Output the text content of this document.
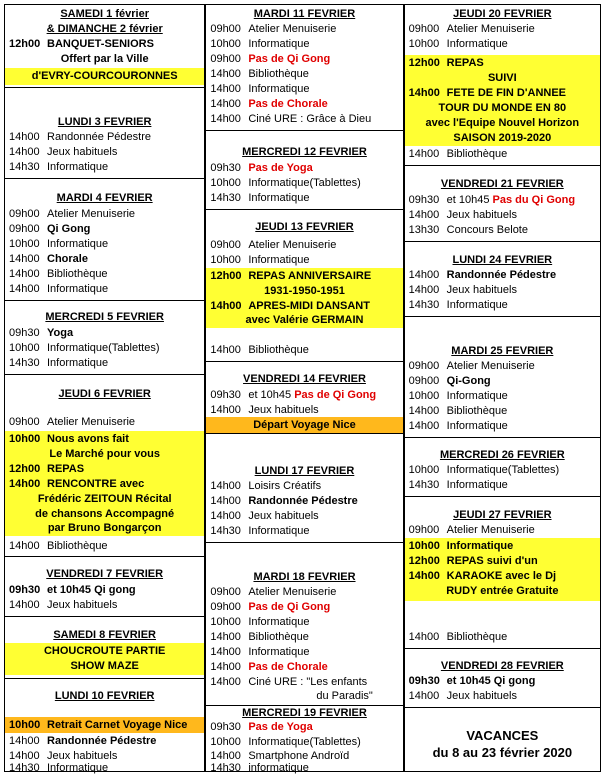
SAMEDI 1 février
& DIMANCHE 2 février
12h00 BANQUET-SENIORS
Offert par la Ville
d'EVRY-COURCOURONNES
LUNDI 3 FEVRIER
14h00 Randonnée Pédestre
14h00 Jeux habituels
14h30 Informatique
MARDI 4 FEVRIER
09h00 Atelier Menuiserie
09h00 Qi Gong
10h00 Informatique
14h00 Chorale
14h00 Bibliothèque
14h00 Informatique
MERCREDI 5 FEVRIER
09h30 Yoga
10h00 Informatique(Tablettes)
14h30 Informatique
JEUDI 6 FEVRIER
09h00 Atelier Menuiserie
10h00 Nous avons fait
Le Marché pour vous
12h00 REPAS
14h00 RENCONTRE avec
Frédéric ZEITOUN Récital
de chansons Accompagné
par Bruno Bongarçon
14h00 Bibliothèque
VENDREDI 7 FEVRIER
09h30 et 10h45 Qi gong
14h00 Jeux habituels
SAMEDI 8 FEVRIER
CHOUCROUTE PARTIE
SHOW MAZE
LUNDI 10 FEVRIER
10h00 Retrait Carnet Voyage Nice
14h00 Randonnée Pédestre
14h00 Jeux habituels
14h30 Informatique
MARDI 11 FEVRIER
09h00 Atelier Menuiserie
10h00 Informatique
09h00 Pas de Qi Gong
14h00 Bibliothèque
14h00 Informatique
14h00 Pas de Chorale
14h00 Ciné URE : Grâce à Dieu
MERCREDI 12 FEVRIER
09h30 Pas de Yoga
10h00 Informatique(Tablettes)
14h30 Informatique
JEUDI 13 FEVRIER
09h00 Atelier Menuiserie
10h00 Informatique
12h00 REPAS ANNIVERSAIRE
1931-1950-1951
14h00 APRES-MIDI DANSANT
avec Valérie GERMAIN
14h00 Bibliothèque
VENDREDI 14 FEVRIER
09h30 et 10h45 Pas de Qi Gong
14h00 Jeux habituels
Départ Voyage Nice
LUNDI 17 FEVRIER
14h00 Loisirs Créatifs
14h00 Randonnée Pédestre
14h00 Jeux habituels
14h30 Informatique
MARDI 18 FEVRIER
09h00 Atelier Menuiserie
09h00 Pas de Qi Gong
10h00 Informatique
14h00 Bibliothèque
14h00 Informatique
14h00 Pas de Chorale
14h00 Ciné URE : "Les enfants
du Paradis"
MERCREDI 19 FEVRIER
09h30 Pas de Yoga
10h00 Informatique(Tablettes)
14h00 Smartphone Androïd
14h30 informatique
JEUDI 20 FEVRIER
09h00 Atelier Menuiserie
10h00 Informatique
12h00 REPAS
SUIVI
14h00 FETE DE FIN D'ANNEE
TOUR DU MONDE EN 80
avec l'Equipe Nouvel Horizon
SAISON 2019-2020
14h00 Bibliothèque
VENDREDI 21 FEVRIER
09h30 et 10h45 Pas du Qi Gong
14h00 Jeux habituels
13h30 Concours Belote
LUNDI 24 FEVRIER
14h00 Randonnée Pédestre
14h00 Jeux habituels
14h30 Informatique
MARDI 25 FEVRIER
09h00 Atelier Menuiserie
09h00 Qi-Gong
10h00 Informatique
14h00 Bibliothèque
14h00 Informatique
MERCREDI 26 FEVRIER
10h00 Informatique(Tablettes)
14h30 Informatique
JEUDI 27 FEVRIER
09h00 Atelier Menuiserie
10h00 Informatique
12h00 REPAS suivi d'un
14h00 KARAOKE avec le Dj
RUDY entrée Gratuite
14h00 Bibliothèque
VENDREDI 28 FEVRIER
09h30 et 10h45 Qi gong
14h00 Jeux habituels
VACANCES
du 8 au 23 février 2020
